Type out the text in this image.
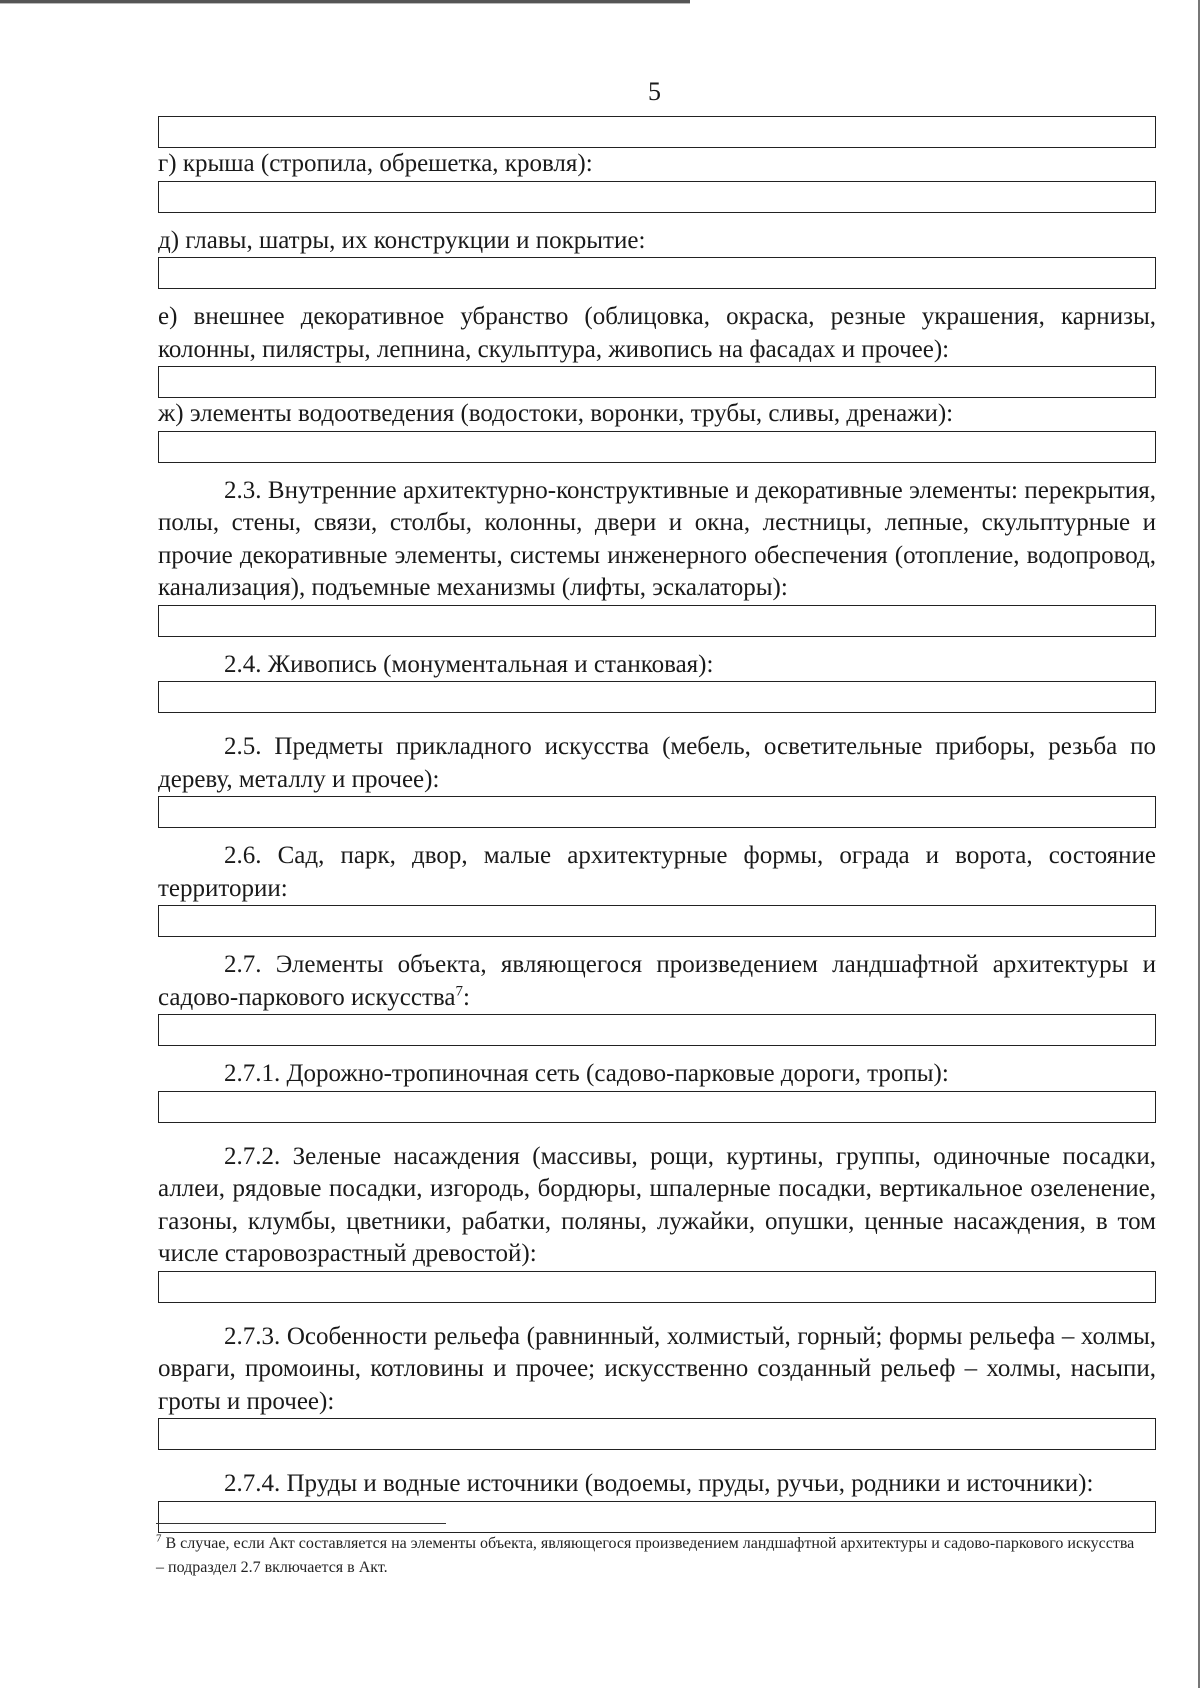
5

г) крыша (стропила, обрешетка, кровля):

д) главы, шатры, их конструкции и покрытие:

е) внешнее декоративное убранство (облицовка, окраска, резные украшения, карнизы, колонны, пилястры, лепнина, скульптура, живопись на фасадах и прочее):

ж) элементы водоотведения (водостоки, воронки, трубы, сливы, дренажи):

2.3. Внутренние архитектурно-конструктивные и декоративные элементы: перекрытия, полы, стены, связи, столбы, колонны, двери и окна, лестницы, лепные, скульптурные и прочие декоративные элементы, системы инженерного обеспечения (отопление, водопровод, канализация), подъемные механизмы (лифты, эскалаторы):

2.4. Живопись (монументальная и станковая):

2.5. Предметы прикладного искусства (мебель, осветительные приборы, резьба по дереву, металлу и прочее):

2.6. Сад, парк, двор, малые архитектурные формы, ограда и ворота, состояние территории:

2.7. Элементы объекта, являющегося произведением ландшафтной архитектуры и садово-паркового искусства$^7$:

2.7.1. Дорожно-тропиночная сеть (садово-парковые дороги, тропы):

2.7.2. Зеленые насаждения (массивы, рощи, куртины, группы, одиночные посадки, аллеи, рядовые посадки, изгородь, бордюры, шпалерные посадки, вертикальное озеленение, газоны, клумбы, цветники, рабатки, поляны, лужайки, опушки, ценные насаждения, в том числе старовозрастный древостой):

2.7.3. Особенности рельефа (равнинный, холмистый, горный; формы рельефа – холмы, овраги, промоины, котловины и прочее; искусственно созданный рельеф – холмы, насыпи, гроты и прочее):

2.7.4. Пруды и водные источники (водоемы, пруды, ручьи, родники и источники):

$^7$ В случае, если Акт составляется на элементы объекта, являющегося произведением ландшафтной архитектуры и садово-паркового искусства – подраздел 2.7 включается в Акт.
